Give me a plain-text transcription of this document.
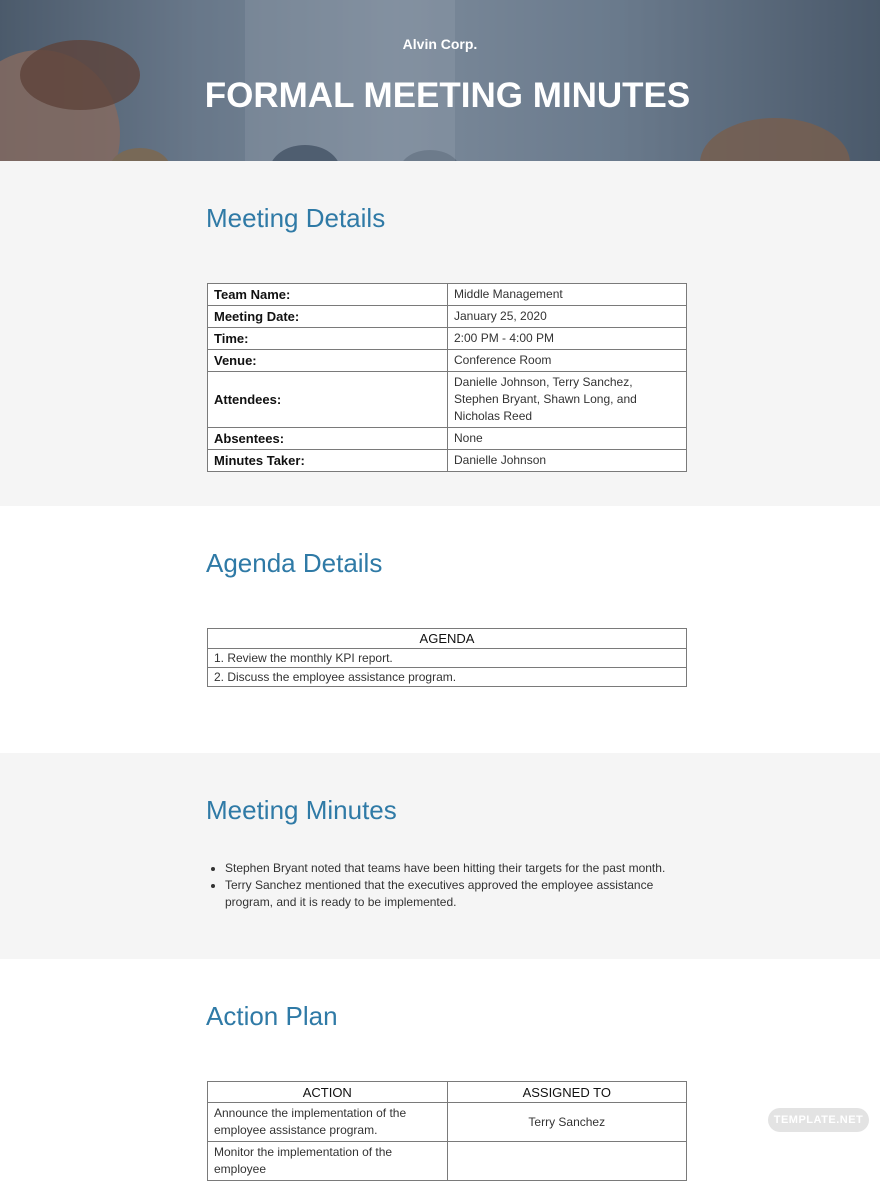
Alvin Corp.
FORMAL MEETING MINUTES
Meeting Details
Team Name:	Middle Management
Meeting Date:	January 25, 2020
Time:	2:00 PM - 4:00 PM
Venue:	Conference Room
Attendees:	Danielle Johnson, Terry Sanchez, Stephen Bryant, Shawn Long, and Nicholas Reed
Absentees:	None
Minutes Taker:	Danielle Johnson
Agenda Details
AGENDA
1. Review the monthly KPI report.
2. Discuss the employee assistance program.
Meeting Minutes
• Stephen Bryant noted that teams have been hitting their targets for the past month.
• Terry Sanchez mentioned that the executives approved the employee assistance program, and it is ready to be implemented.
Action Plan
ACTION	ASSIGNED TO
Announce the implementation of the employee assistance program.	Terry Sanchez
Monitor the implementation of the employee	
TEMPLATE.NET
